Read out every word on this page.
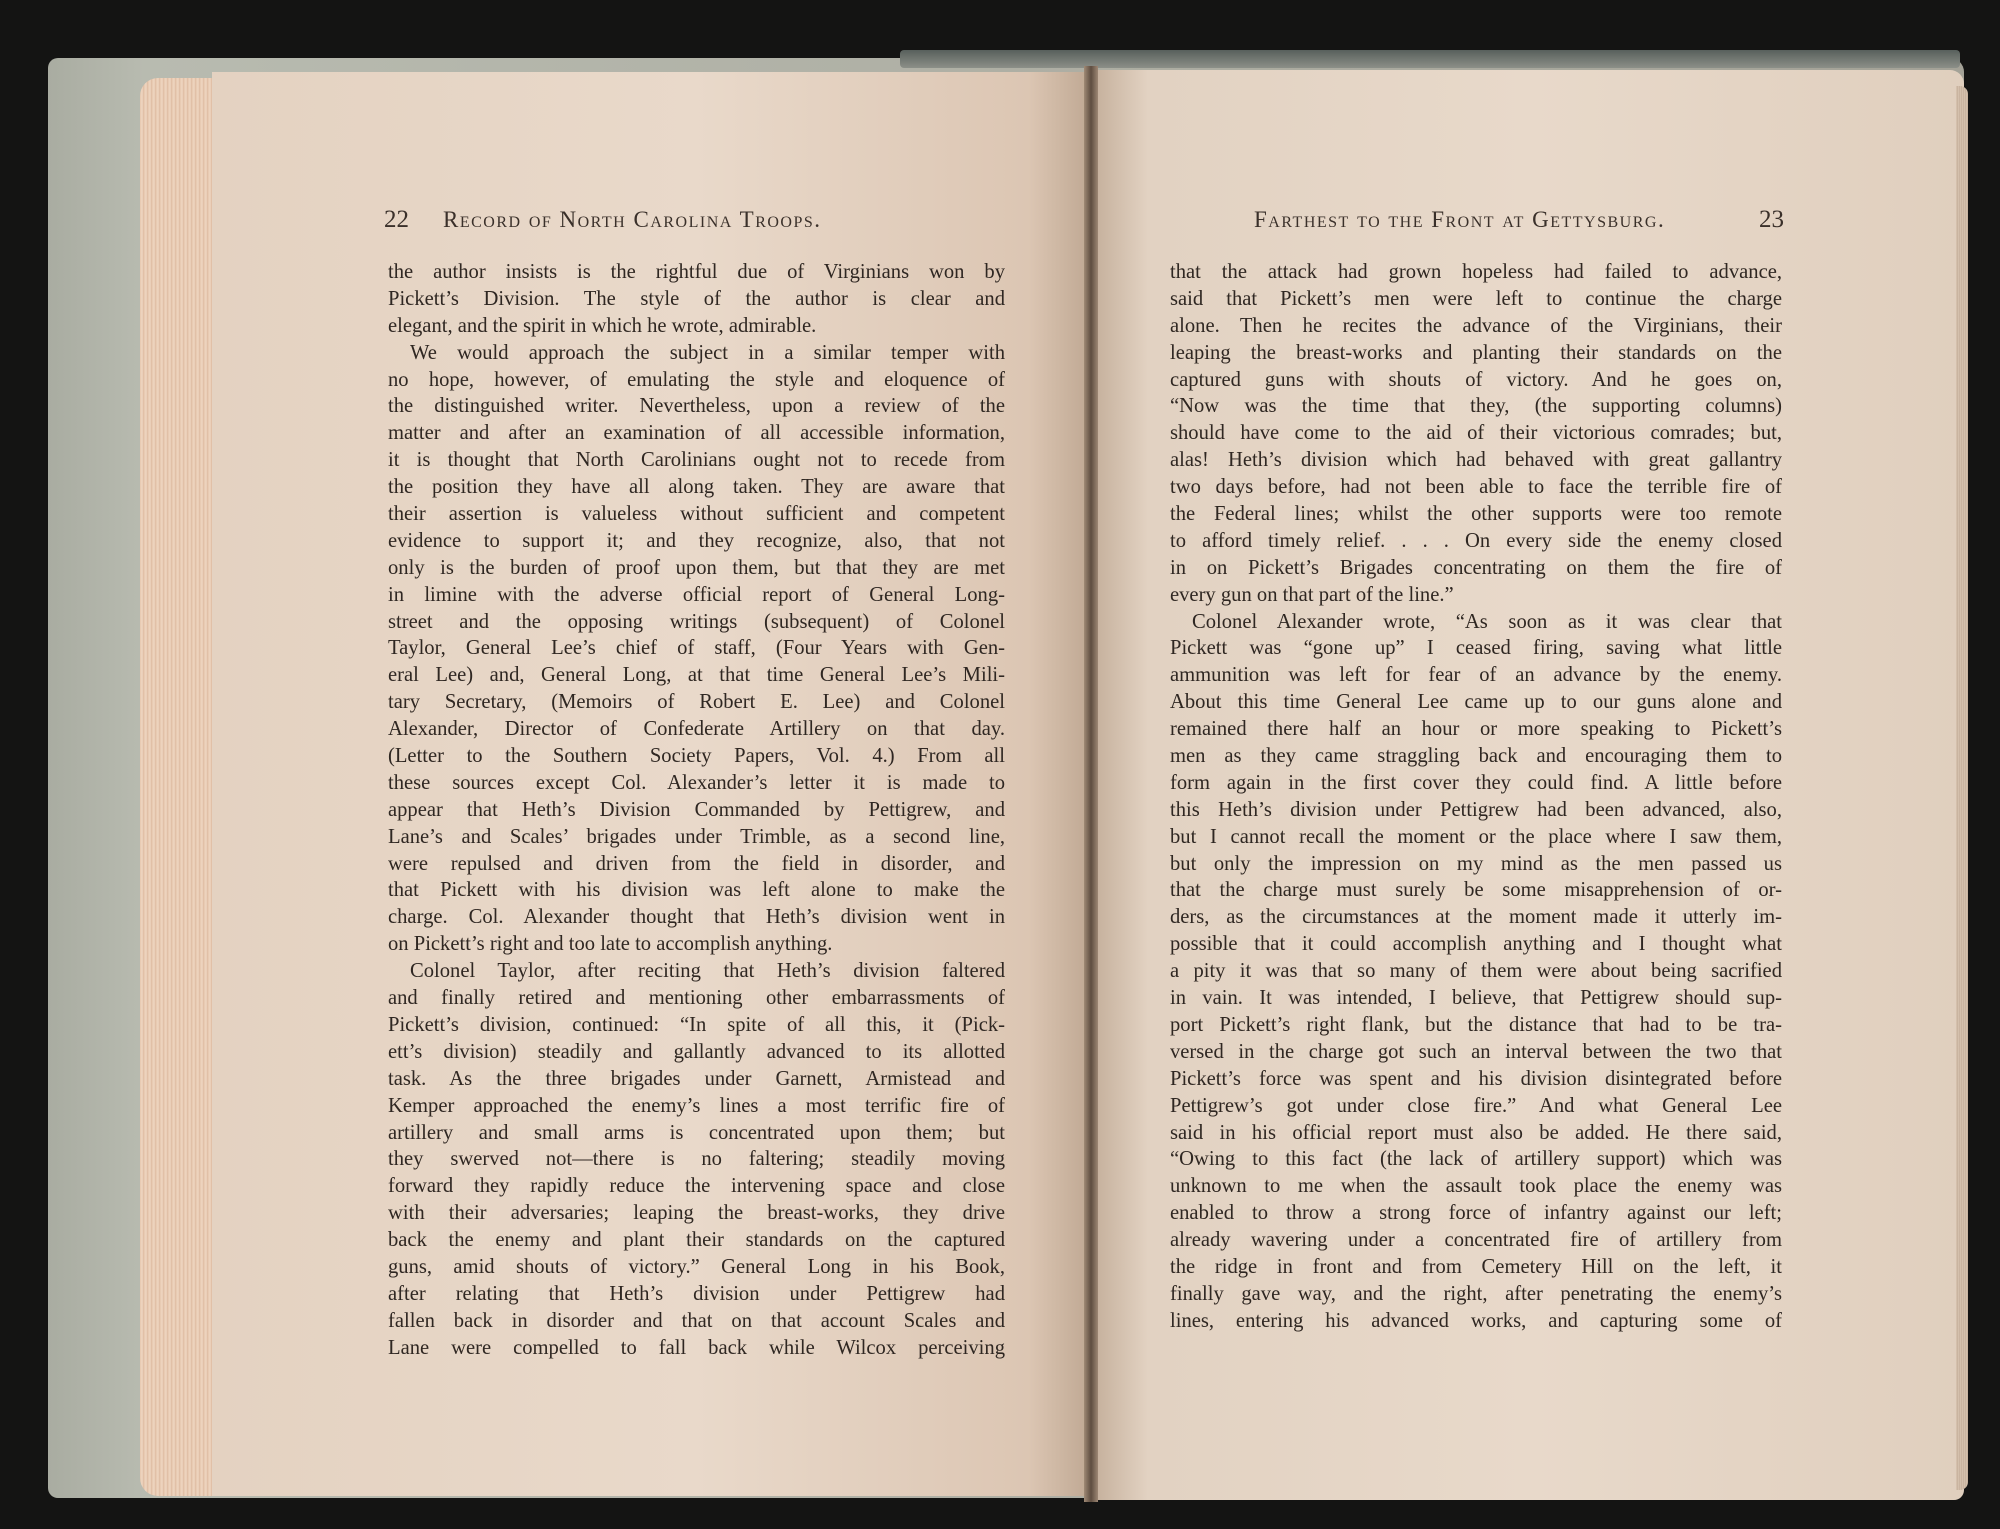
22 Record of North Carolina Troops.	Farthest to the Front at Gettysburg.	23
the author insists is the rightful due of Virginians won by
Pickett’s Division. The style of the author is clear and
elegant, and the spirit in which he wrote, admirable.
We would approach the subject in a similar temper with
no hope, however, of emulating the style and eloquence of
the distinguished writer. Nevertheless, upon a review of the
matter and after an examination of all accessible information,
it is thought that North Carolinians ought not to recede from
the position they have all along taken. They are aware that
their assertion is valueless without sufficient and competent
evidence to support it; and they recognize, also, that not
only is the burden of proof upon them, but that they are met
in limine with the adverse official report of General Long-
street and the opposing writings (subsequent) of Colonel
Taylor, General Lee’s chief of staff, (Four Years with Gen-
eral Lee) and, General Long, at that time General Lee’s Mili-
tary Secretary, (Memoirs of Robert E. Lee) and Colonel
Alexander, Director of Confederate Artillery on that day.
(Letter to the Southern Society Papers, Vol. 4.) From all
these sources except Col. Alexander’s letter it is made to
appear that Heth’s Division Commanded by Pettigrew, and
Lane’s and Scales’ brigades under Trimble, as a second line,
were repulsed and driven from the field in disorder, and
that Pickett with his division was left alone to make the
charge. Col. Alexander thought that Heth’s division went in
on Pickett’s right and too late to accomplish anything.
Colonel Taylor, after reciting that Heth’s division faltered
and finally retired and mentioning other embarrassments of
Pickett’s division, continued: “In spite of all this, it (Pick-
ett’s division) steadily and gallantly advanced to its allotted
task. As the three brigades under Garnett, Armistead and
Kemper approached the enemy’s lines a most terrific fire of
artillery and small arms is concentrated upon them; but
they swerved not—there is no faltering; steadily moving
forward they rapidly reduce the intervening space and close
with their adversaries; leaping the breast-works, they drive
back the enemy and plant their standards on the captured
guns, amid shouts of victory.” General Long in his Book,
after relating that Heth’s division under Pettigrew had
fallen back in disorder and that on that account Scales and
Lane were compelled to fall back while Wilcox perceiving
that the attack had grown hopeless had failed to advance,
said that Pickett’s men were left to continue the charge
alone. Then he recites the advance of the Virginians, their
leaping the breast-works and planting their standards on the
captured guns with shouts of victory. And he goes on,
“Now was the time that they, (the supporting columns)
should have come to the aid of their victorious comrades; but,
alas! Heth’s division which had behaved with great gallantry
two days before, had not been able to face the terrible fire of
the Federal lines; whilst the other supports were too remote
to afford timely relief. . . . On every side the enemy closed
in on Pickett’s Brigades concentrating on them the fire of
every gun on that part of the line.”
Colonel Alexander wrote, “As soon as it was clear that
Pickett was “gone up” I ceased firing, saving what little
ammunition was left for fear of an advance by the enemy.
About this time General Lee came up to our guns alone and
remained there half an hour or more speaking to Pickett’s
men as they came straggling back and encouraging them to
form again in the first cover they could find. A little before
this Heth’s division under Pettigrew had been advanced, also,
but I cannot recall the moment or the place where I saw them,
but only the impression on my mind as the men passed us
that the charge must surely be some misapprehension of or-
ders, as the circumstances at the moment made it utterly im-
possible that it could accomplish anything and I thought what
a pity it was that so many of them were about being sacrified
in vain. It was intended, I believe, that Pettigrew should sup-
port Pickett’s right flank, but the distance that had to be tra-
versed in the charge got such an interval between the two that
Pickett’s force was spent and his division disintegrated before
Pettigrew’s got under close fire.” And what General Lee
said in his official report must also be added. He there said,
“Owing to this fact (the lack of artillery support) which was
unknown to me when the assault took place the enemy was
enabled to throw a strong force of infantry against our left;
already wavering under a concentrated fire of artillery from
the ridge in front and from Cemetery Hill on the left, it
finally gave way, and the right, after penetrating the enemy’s
lines, entering his advanced works, and capturing some of
